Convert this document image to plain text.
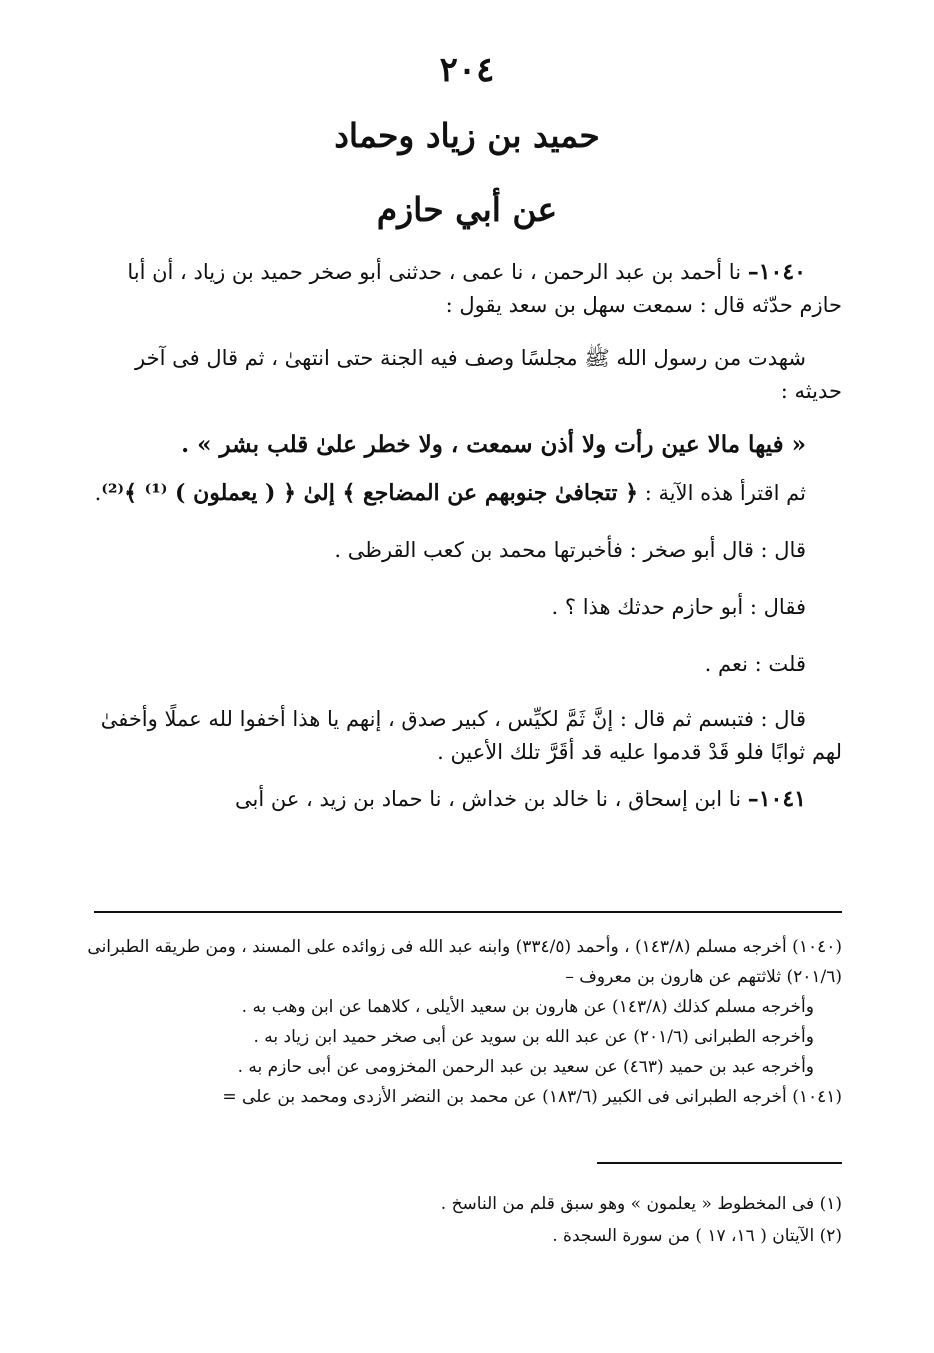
٢٠٤
حميد بن زياد وحماد
عن أبي حازم

١٠٤٠– نا أحمد بن عبد الرحمن ، نا عمى ، حدثنى أبو صخر حميد بن زياد ، أن أبا حازم حدّثه قال : سمعت سهل بن سعد يقول :

شهدت من رسول الله ﷺ مجلسًا وصف فيه الجنة حتى انتهىٰ ، ثم قال فى آخر حديثه :

« فيها مالا عين رأت ولا أذن سمعت ، ولا خطر علىٰ قلب بشر » .

ثم اقترأ هذه الآية : ﴿ تتجافىٰ جنوبهم عن المضاجع ﴾ إلىٰ ﴿ ( يعملون ) ⁽¹⁾ ﴾⁽²⁾.

قال : قال أبو صخر : فأخبرتها محمد بن كعب القرظى .

فقال : أبو حازم حدثك هذا ؟ .

قلت : نعم .

قال : فتبسم ثم قال : إنَّ ثَمَّ لكيِّس ، كبير صدق ، إنهم يا هذا أخفوا لله عملًا وأخفىٰ لهم ثوابًا فلو قَدْ قدموا عليه قد أقَرَّ تلك الأعين .

١٠٤١– نا ابن إسحاق ، نا خالد بن خداش ، نا حماد بن زيد ، عن أبى

(١٠٤٠) أخرجه مسلم (١٤٣/٨) ، وأحمد (٣٣٤/٥) وابنه عبد الله فى زوائده على المسند ، ومن طريقه الطبرانى (٢٠١/٦) ثلاثتهم عن هارون بن معروف –

وأخرجه مسلم كذلك (١٤٣/٨) عن هارون بن سعيد الأيلى ، كلاهما عن ابن وهب به .

وأخرجه الطبرانى (٢٠١/٦) عن عبد الله بن سويد عن أبى صخر حميد ابن زياد به .

وأخرجه عبد بن حميد (٤٦٣) عن سعيد بن عبد الرحمن المخزومى عن أبى حازم به .

(١٠٤١) أخرجه الطبرانى فى الكبير (١٨٣/٦) عن محمد بن النضر الأزدى ومحمد بن على =

(١) فى المخطوط « يعلمون » وهو سبق قلم من الناسخ .

(٢) الآيتان ( ١٦، ١٧ ) من سورة السجدة .
